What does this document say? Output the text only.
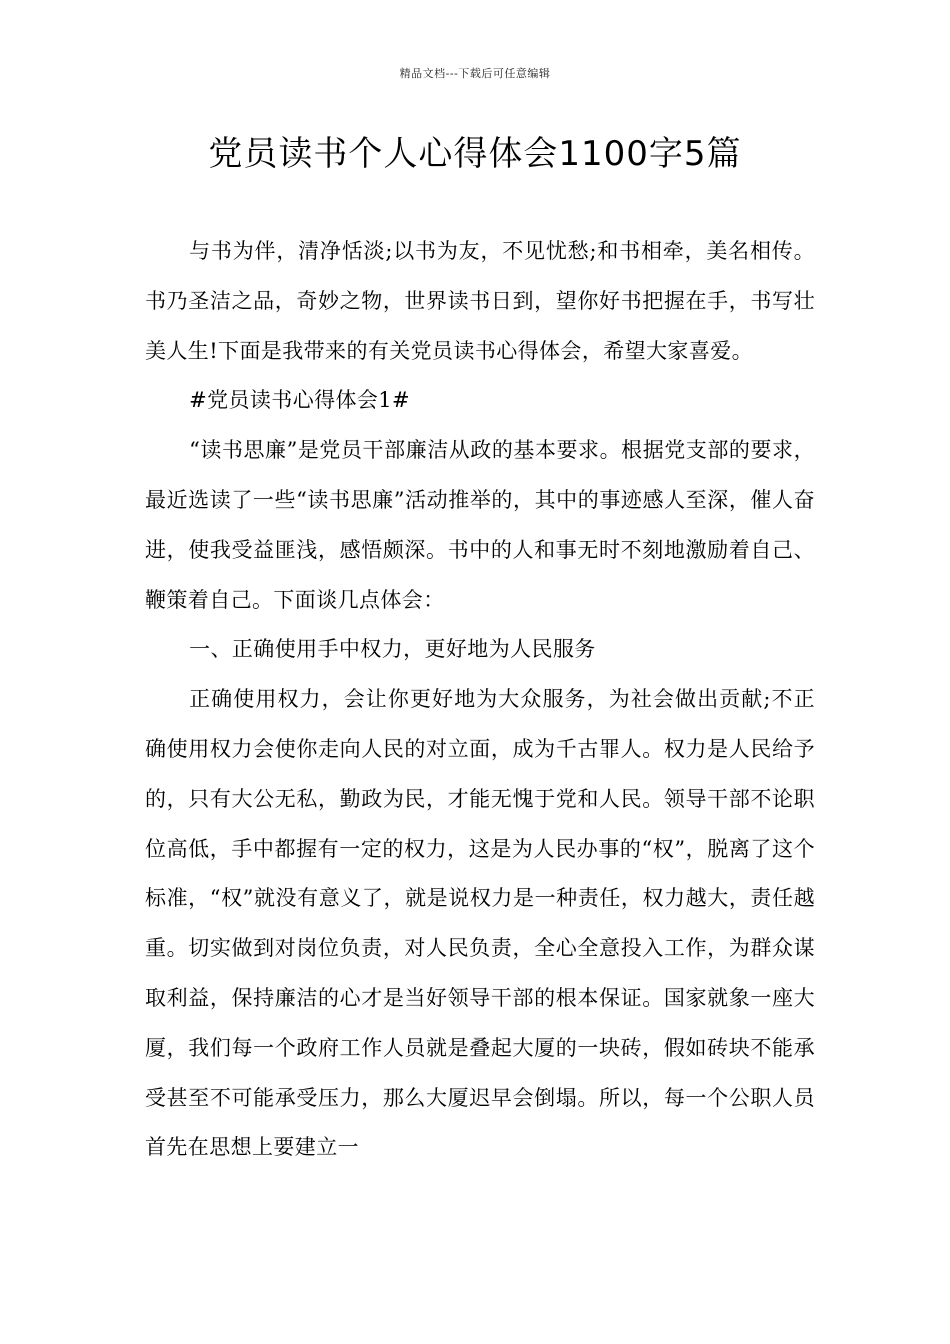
精品文档---下载后可任意编辑
党员读书个人心得体会1100字5篇

与书为伴，清净恬淡;以书为友，不见忧愁;和书相牵，美名相传。书乃圣洁之品，奇妙之物，世界读书日到，望你好书把握在手，书写壮美人生!下面是我带来的有关党员读书心得体会，希望大家喜爱。

#党员读书心得体会1#

“读书思廉”是党员干部廉洁从政的基本要求。根据党支部的要求，最近选读了一些“读书思廉”活动推举的，其中的事迹感人至深，催人奋进，使我受益匪浅，感悟颇深。书中的人和事无时不刻地激励着自己、鞭策着自己。下面谈几点体会：

一、正确使用手中权力，更好地为人民服务

正确使用权力，会让你更好地为大众服务，为社会做出贡献;不正确使用权力会使你走向人民的对立面，成为千古罪人。权力是人民给予的，只有大公无私，勤政为民，才能无愧于党和人民。领导干部不论职位高低，手中都握有一定的权力，这是为人民办事的“权”，脱离了这个标准，“权”就没有意义了，就是说权力是一种责任，权力越大，责任越重。切实做到对岗位负责，对人民负责，全心全意投入工作，为群众谋取利益，保持廉洁的心才是当好领导干部的根本保证。国家就象一座大厦，我们每一个政府工作人员就是叠起大厦的一块砖，假如砖块不能承受甚至不可能承受压力，那么大厦迟早会倒塌。所以，每一个公职人员首先在思想上要建立一
